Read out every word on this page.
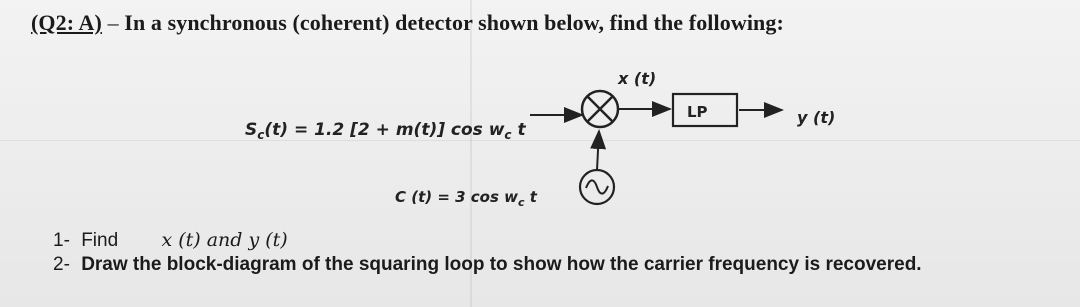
(Q2: A) – In a synchronous (coherent) detector shown below, find the following:
$S_c(t) = 1.2$ [2 + m(t)] $\cos w_c$ t
x (t)
LP	y (t)
C (t) = 3 $\cos w_c$ t
1- Find x (t) and y (t)
2- Draw the block-diagram of the squaring loop to show how the carrier frequency is recovered.
